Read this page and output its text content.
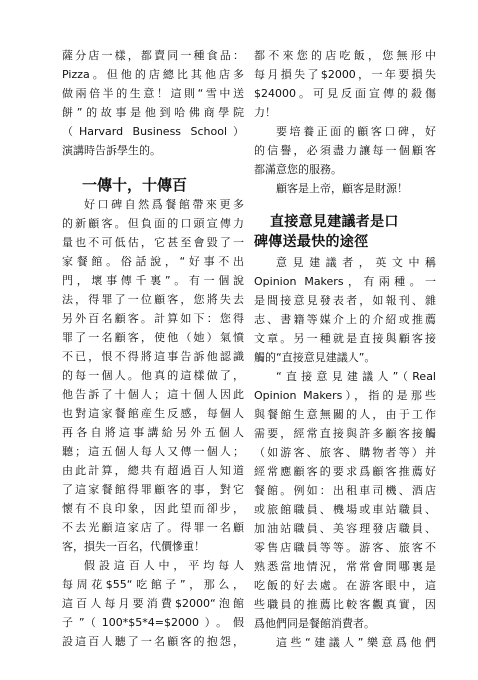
薩分店一樣，都賣同一種食品：
Pizza。但他的店總比其他店多
做兩倍半的生意！這則“雪中送
餅”的故事是他到哈佛商學院
（Harvard Business School）
演講時告訴學生的。
一傳十，十傳百
好口碑自然爲餐館帶來更多
的新顧客。但負面的口頭宣傳力
量也不可低估，它甚至會毀了一
家餐館。俗話說，“好事不出
門，壞事傳千裏”。有一個說
法，得罪了一位顧客，您將失去
另外百名顧客。計算如下：您得
罪了一名顧客，使他（她）氣憤
不已，恨不得將這事告訴他認識
的每一個人。他真的這樣做了，
他告訴了十個人；這十個人因此
也對這家餐館産生反感，每個人
再各自將這事講給另外五個人
聽；這五個人每人又傳一個人；
由此計算，總共有超過百人知道
了這家餐館得罪顧客的事，對它
懷有不良印象，因此望而卻步，
不去光顧這家店了。得罪一名顧
客，損失一百名，代價慘重！
假設這百人中，平均每人
每周花$55“吃館子”，那么，
這百人每月要消費$2000“泡館
子”（100*$5*4=$2000）。假
設這百人聽了一名顧客的抱怨，
都不來您的店吃飯，您無形中
每月損失了$2000，一年要損失
$24000。可見反面宣傳的殺傷
力！
要培養正面的顧客口碑，好
的信譽，必須盡力讓每一個顧客
都滿意您的服務。
顧客是上帝，顧客是財源！
直接意見建議者是口
碑傳送最快的途徑
意見建議者，英文中稱
Opinion Makers，有兩種。一
是間接意見發表者，如報刊、雜
志、書籍等媒介上的介紹或推薦
文章。另一種就是直接與顧客接
觸的“直接意見建議人”。
“直接意見建議人”（Real
Opinion Makers），指的是那些
與餐館生意無關的人，由于工作
需要，經常直接與許多顧客接觸
（如游客、旅客、購物者等）并
經常應顧客的要求爲顧客推薦好
餐館。例如：出租車司機、酒店
或旅館職員、機場或車站職員、
加油站職員、美容理發店職員、
零售店職員等等。游客、旅客不
熟悉當地情況，常常會問哪裏是
吃飯的好去處。在游客眼中，這
些職員的推薦比較客觀真實，因
爲他們同是餐館消費者。
這些“建議人”樂意爲他們
